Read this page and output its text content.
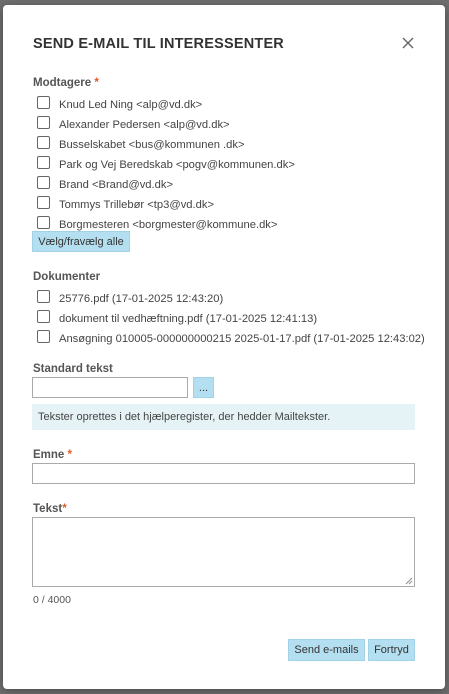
SEND E-MAIL TIL INTERESSENTER
Modtagere *
Knud Led Ning <alp@vd.dk>
Alexander Pedersen <alp@vd.dk>
Busselskabet <bus@kommunen .dk>
Park og Vej Beredskab <pogv@kommunen.dk>
Brand <Brand@vd.dk>
Tommys Trillebør <tp3@vd.dk>
Borgmesteren <borgmester@kommune.dk>
Vælg/fravælg alle
Dokumenter
25776.pdf (17-01-2025 12:43:20)
dokument til vedhæftning.pdf (17-01-2025 12:41:13)
Ansøgning 010005-000000000215 2025-01-17.pdf (17-01-2025 12:43:02)
Standard tekst
...
Tekster oprettes i det hjælperegister, der hedder Mailtekster.
Emne *
Tekst*
0 / 4000
Send e-mails	Fortryd
